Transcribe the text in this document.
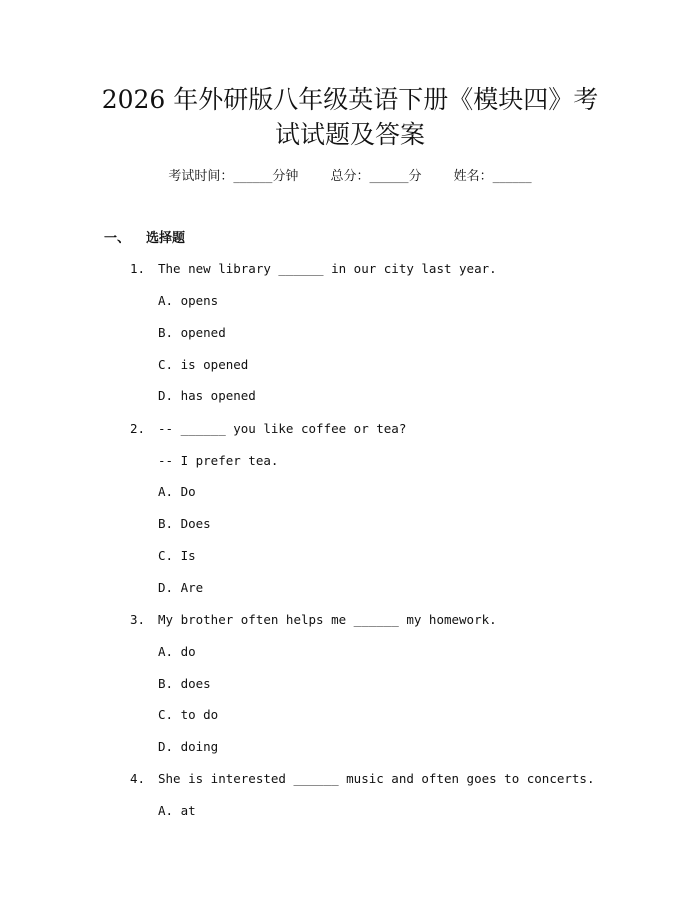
2026 年外研版八年级英语下册《模块四》考
试试题及答案
考试时间：______分钟 总分：______分 姓名：______
一、 选择题
1. The new library ______ in our city last year.
A. opens
B. opened
C. is opened
D. has opened
2. -- ______ you like coffee or tea?
-- I prefer tea.
A. Do
B. Does
C. Is
D. Are
3. My brother often helps me ______ my homework.
A. do
B. does
C. to do
D. doing
4. She is interested ______ music and often goes to concerts.
A. at
